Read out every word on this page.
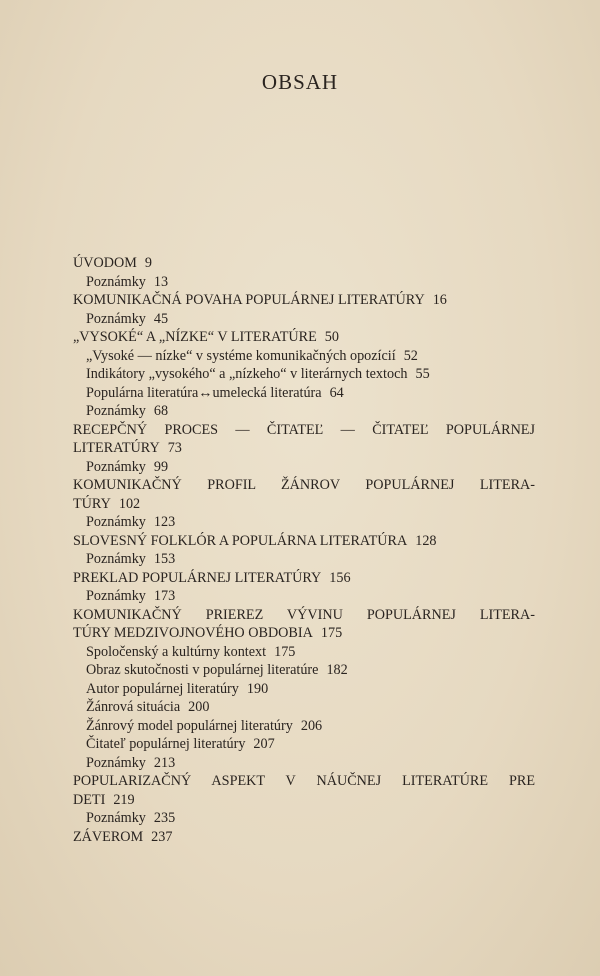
OBSAH
ÚVODOM 9
Poznámky 13
KOMUNIKAČNÁ POVAHA POPULÁRNEJ LITERATÚRY 16
Poznámky 45
„VYSOKÉ“ A „NÍZKE“ V LITERATÚRE 50
„Vysoké — nízke“ v systéme komunikačných opozícií 52
Indikátory „vysokého“ a „nízkeho“ v literárnych textoch 55
Populárna literatúra↔umelecká literatúra 64
Poznámky 68
RECEPČNÝ PROCES — ČITATEĽ — ČITATEĽ POPULÁRNEJ
LITERATÚRY 73
Poznámky 99
KOMUNIKAČNÝ PROFIL ŽÁNROV POPULÁRNEJ LITERA-
TÚRY 102
Poznámky 123
SLOVESNÝ FOLKLÓR A POPULÁRNA LITERATÚRA 128
Poznámky 153
PREKLAD POPULÁRNEJ LITERATÚRY 156
Poznámky 173
KOMUNIKAČNÝ PRIEREZ VÝVINU POPULÁRNEJ LITERA-
TÚRY MEDZIVOJNOVÉHO OBDOBIA 175
Spoločenský a kultúrny kontext 175
Obraz skutočnosti v populárnej literatúre 182
Autor populárnej literatúry 190
Žánrová situácia 200
Žánrový model populárnej literatúry 206
Čitateľ populárnej literatúry 207
Poznámky 213
POPULARIZAČNÝ ASPEKT V NÁUČNEJ LITERATÚRE PRE
DETI 219
Poznámky 235
ZÁVEROM 237
